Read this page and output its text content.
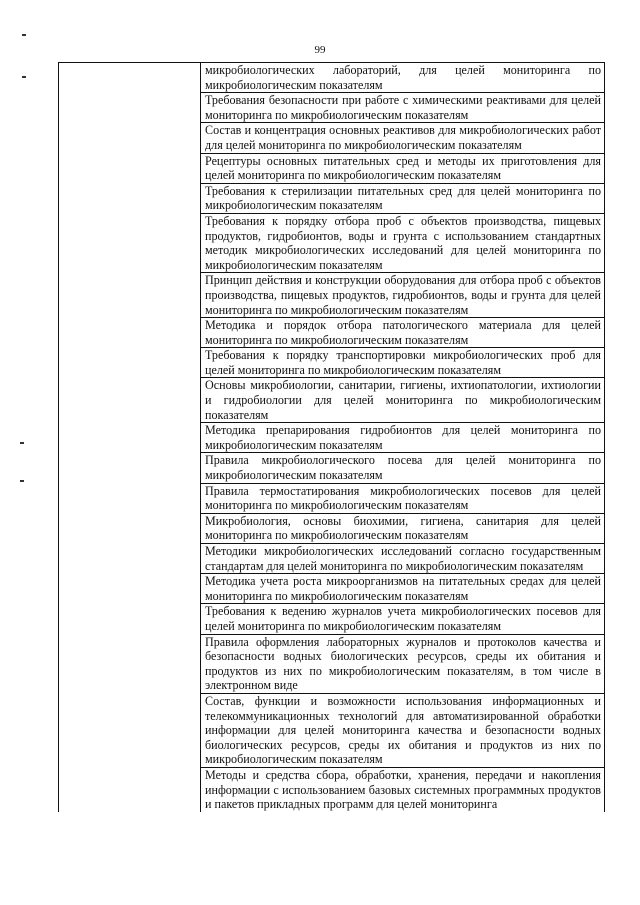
99
	микробиологических лабораторий, для целей мониторинга по микробиологическим показателям
Требования безопасности при работе с химическими реактивами для целей мониторинга по микробиологическим показателям
Состав и концентрация основных реактивов для микробиологических работ для целей мониторинга по микробиологическим показателям
Рецептуры основных питательных сред и методы их приготовления для целей мониторинга по микробиологическим показателям
Требования к стерилизации питательных сред для целей мониторинга по микробиологическим показателям
Требования к порядку отбора проб с объектов производства, пищевых продуктов, гидробионтов, воды и грунта с использованием стандартных методик микробиологических исследований для целей мониторинга по микробиологическим показателям
Принцип действия и конструкции оборудования для отбора проб с объектов производства, пищевых продуктов, гидробионтов, воды и грунта для целей мониторинга по микробиологическим показателям
Методика и порядок отбора патологического материала для целей мониторинга по микробиологическим показателям
Требования к порядку транспортировки микробиологических проб для целей мониторинга по микробиологическим показателям
Основы микробиологии, санитарии, гигиены, ихтиопатологии, ихтиологии и гидробиологии для целей мониторинга по микробиологическим показателям
Методика препарирования гидробионтов для целей мониторинга по микробиологическим показателям
Правила микробиологического посева для целей мониторинга по микробиологическим показателям
Правила термостатирования микробиологических посевов для целей мониторинга по микробиологическим показателям
Микробиология, основы биохимии, гигиена, санитария для целей мониторинга по микробиологическим показателям
Методики микробиологических исследований согласно государственным стандартам для целей мониторинга по микробиологическим показателям
Методика учета роста микроорганизмов на питательных средах для целей мониторинга по микробиологическим показателям
Требования к ведению журналов учета микробиологических посевов для целей мониторинга по микробиологическим показателям
Правила оформления лабораторных журналов и протоколов качества и безопасности водных биологических ресурсов, среды их обитания и продуктов из них по микробиологическим показателям, в том числе в электронном виде
Состав, функции и возможности использования информационных и телекоммуникационных технологий для автоматизированной обработки информации для целей мониторинга качества и безопасности водных биологических ресурсов, среды их обитания и продуктов из них по микробиологическим показателям
Методы и средства сбора, обработки, хранения, передачи и накопления информации с использованием базовых системных программных продуктов и пакетов прикладных программ для целей мониторинга
